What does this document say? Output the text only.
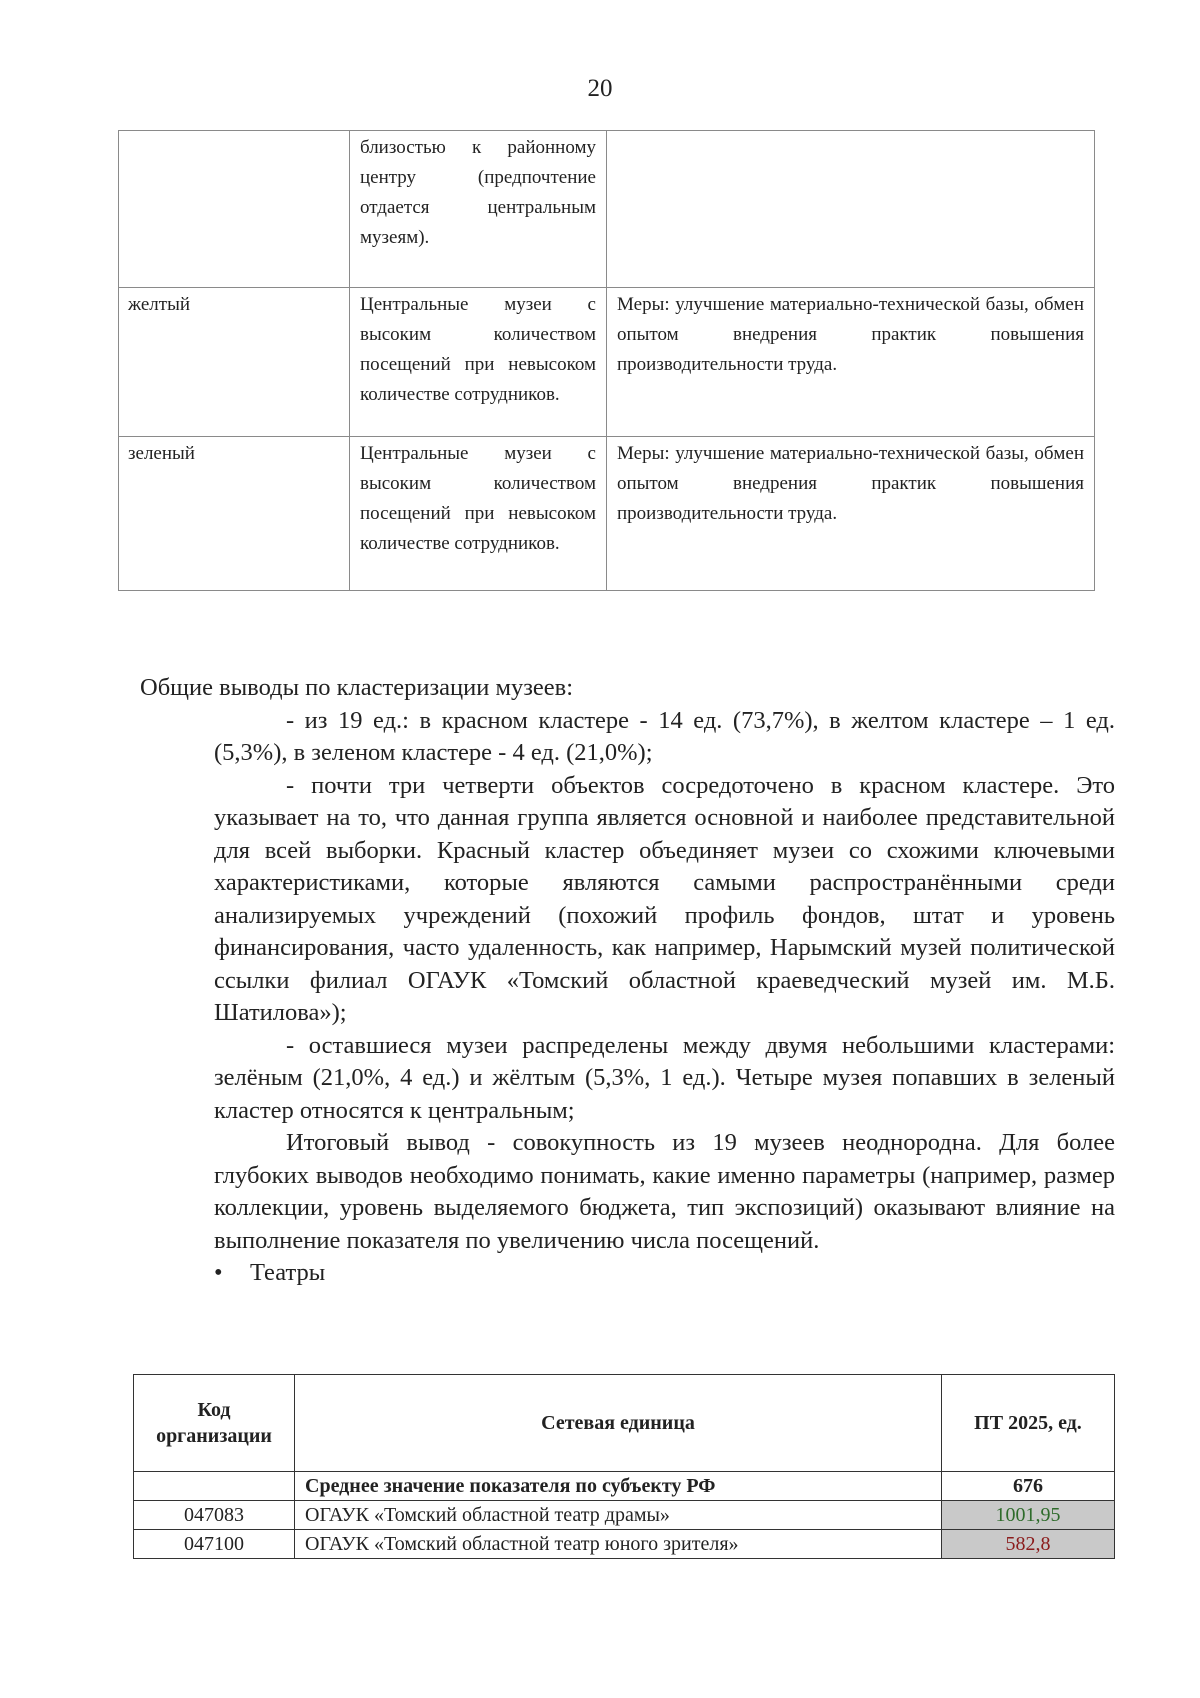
20
	близостью к районному центру (предпочтение отдается центральным музеям).	
желтый	Центральные музеи с высоким количеством посещений при невысоком количестве сотрудников.	Меры: улучшение материально-технической базы, обмен опытом внедрения практик повышения производительности труда.
зеленый	Центральные музеи с высоким количеством посещений при невысоком количестве сотрудников.	Меры: улучшение материально-технической базы, обмен опытом внедрения практик повышения производительности труда.

Общие выводы по кластеризации музеев:

- из 19 ед.: в красном кластере - 14 ед. (73,7%), в желтом кластере – 1 ед. (5,3%), в зеленом кластере - 4 ед. (21,0%);

- почти три четверти объектов сосредоточено в красном кластере. Это указывает на то, что данная группа является основной и наиболее представительной для всей выборки. Красный кластер объединяет музеи со схожими ключевыми характеристиками, которые являются самыми распространёнными среди анализируемых учреждений (похожий профиль фондов, штат и уровень финансирования, часто удаленность, как например, Нарымский музей политической ссылки филиал ОГАУК «Томский областной краеведческий музей им. М.Б. Шатилова»);

- оставшиеся музеи распределены между двумя небольшими кластерами: зелёным (21,0%, 4 ед.) и жёлтым (5,3%, 1 ед.). Четыре музея попавших в зеленый кластер относятся к центральным;

Итоговый вывод - совокупность из 19 музеев неоднородна. Для более глубоких выводов необходимо понимать, какие именно параметры (например, размер коллекции, уровень выделяемого бюджета, тип экспозиций) оказывают влияние на выполнение показателя по увеличению числа посещений.

•	Театры
Код организации	Сетевая единица	ПТ 2025, ед.
	Среднее значение показателя по субъекту РФ	676
047083	ОГАУК «Томский областной театр драмы»	1001,95
047100	ОГАУК «Томский областной театр юного зрителя»	582,8
